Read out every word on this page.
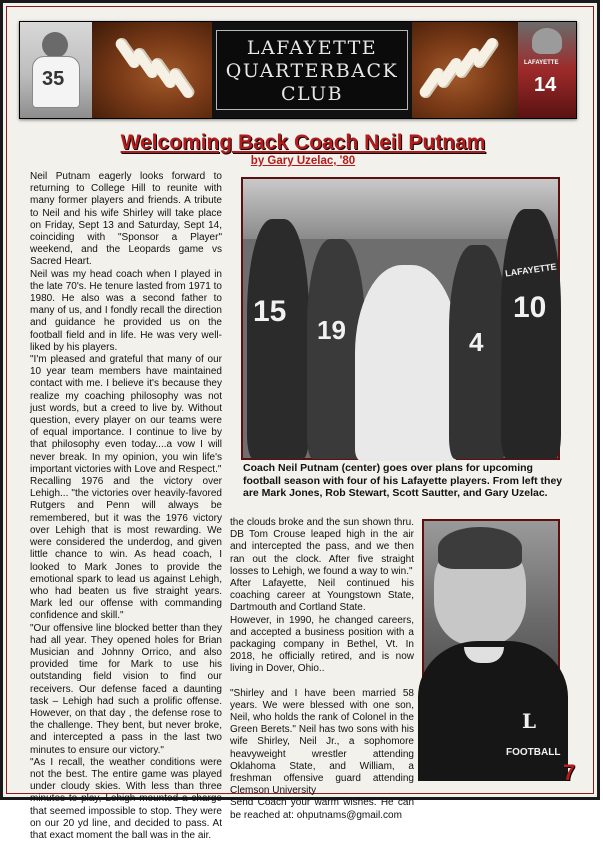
35
LAFAYETTE
QUARTERBACK
CLUB
LAFAYETTE
14
Welcoming Back Coach Neil Putnam
by Gary Uzelac, '80

Neil Putnam eagerly looks forward to returning to College Hill to reunite with many former players and friends. A tribute to Neil and his wife Shirley will take place on Friday, Sept 13 and Saturday, Sept 14, coinciding with "Sponsor a Player" weekend, and the Leopards game vs Sacred Heart.

Neil was my head coach when I played in the late 70's. He tenure lasted from 1971 to 1980. He also was a second father to many of us, and I fondly recall the direction and guidance he provided us on the football field and in life. He was very well-liked by his players.

"I'm pleased and grateful that many of our 10 year team members have maintained contact with me. I believe it's because they realize my coaching philosophy was not just words, but a creed to live by. Without question, every player on our teams were of equal importance. I continue to live by that philosophy even today....a vow I will never break. In my opinion, you win life's important victories with Love and Respect."

Recalling 1976 and the victory over Lehigh... "the victories over heavily-favored Rutgers and Penn will always be remembered, but it was the 1976 victory over Lehigh that is most rewarding. We were considered the underdog, and given little chance to win. As head coach, I looked to Mark Jones to provide the emotional spark to lead us against Lehigh, who had beaten us five straight years. Mark led our offense with commanding confidence and skill."

"Our offensive line blocked better than they had all year. They opened holes for Brian Musician and Johnny Orrico, and also provided time for Mark to use his outstanding field vision to find our receivers. Our defense faced a daunting task – Lehigh had such a prolific offense. However, on that day , the defense rose to the challenge. They bent, but never broke, and intercepted a pass in the last two minutes to ensure our victory."

"As I recall, the weather conditions were not the best. The entire game was played under cloudy skies. With less than three minutes to play, Lehigh mounted a charge that seemed impossible to stop. They were on our 20 yd line, and decided to pass. At that exact moment the ball was in the air.

15
19	4
10
LAFAYETTE
Coach Neil Putnam (center) goes over plans for upcoming football season with four of his Lafayette players. From left they are Mark Jones, Rob Stewart, Scott Sautter, and Gary Uzelac.

the clouds broke and the sun shown thru. DB Tom Crouse leaped high in the air and intercepted the pass, and we then ran out the clock. After five straight losses to Lehigh, we found a way to win."

After Lafayette, Neil continued his coaching career at Youngstown State, Dartmouth and Cortland State.

However, in 1990, he changed careers, and accepted a business position with a packaging company in Bethel, Vt. In 2018, he officially retired, and is now living in Dover, Ohio..

"Shirley and I have been married 58 years. We were blessed with one son, Neil, who holds the rank of Colonel in the Green Berets." Neil has two sons with his wife Shirley, Neil Jr., a sophomore heavyweight wrestler attending Oklahoma State, and William, a freshman offensive guard attending Clemson University

Send Coach your warm wishes. He can be reached at: ohputnams@gmail.com

L
FOOTBALL
7
